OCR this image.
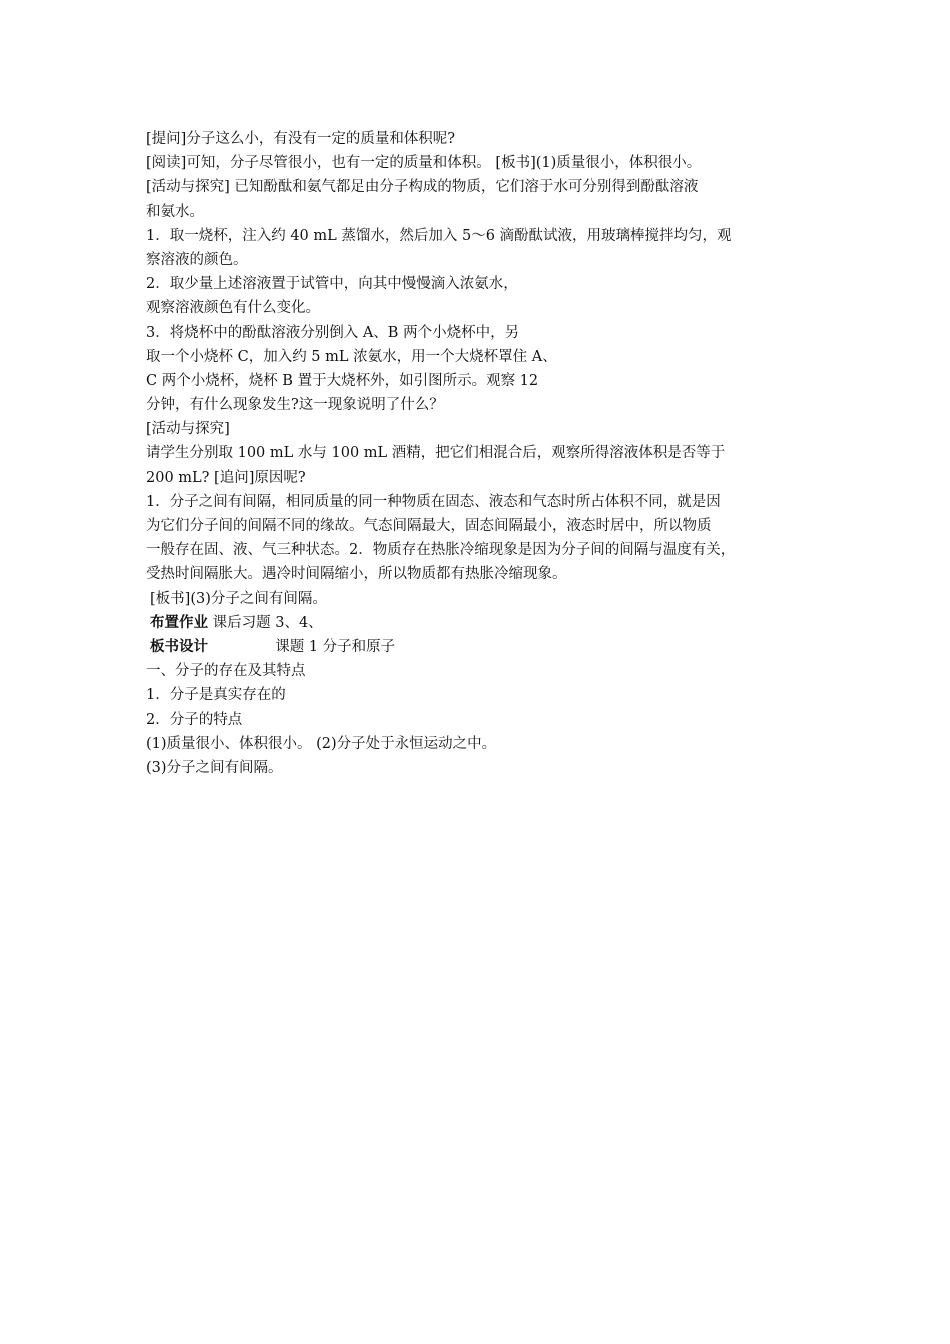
[提问]分子这么小，有没有一定的质量和体积呢?
[阅读]可知，分子尽管很小，也有一定的质量和体积。 [板书](1)质量很小，体积很小。
[活动与探究] 已知酚酞和氨气都足由分子构成的物质，它们溶于水可分别得到酚酞溶液
和氨水。
1．取一烧杯，注入约 40 mL 蒸馏水，然后加入 5～6 滴酚酞试液，用玻璃棒搅拌均匀，观
察溶液的颜色。
2．取少量上述溶液置于试管中，向其中慢慢滴入浓氨水，
观察溶液颜色有什么变化。
3．将烧杯中的酚酞溶液分别倒入 A、B 两个小烧杯中，另
取一个小烧杯 C，加入约 5 mL 浓氨水，用一个大烧杯罩住 A、
C 两个小烧杯，烧杯 B 置于大烧杯外，如引图所示。观察 12
分钟，有什么现象发生?这一现象说明了什么？
[活动与探究]
请学生分别取 100 mL 水与 100 mL 酒精，把它们相混合后，观察所得溶液体积是否等于
200 mL? [追问]原因呢?
1．分子之间有间隔，相同质量的同一种物质在固态、液态和气态时所占体积不同，就是因
为它们分子间的间隔不同的缘故。气态间隔最大，固态间隔最小，液态时居中，所以物质
一般存在固、液、气三种状态。2．物质存在热胀冷缩现象是因为分子间的间隔与温度有关，
受热时间隔胀大。遇冷时间隔缩小，所以物质都有热胀冷缩现象。
[板书](3)分子之间有间隔。
布置作业 课后习题 3、4、
板书设计	课题 1 分子和原子
一、分子的存在及其特点
1．分子是真实存在的
2．分子的特点
(1)质量很小、体积很小。 (2)分子处于永恒运动之中。
(3)分子之间有间隔。
